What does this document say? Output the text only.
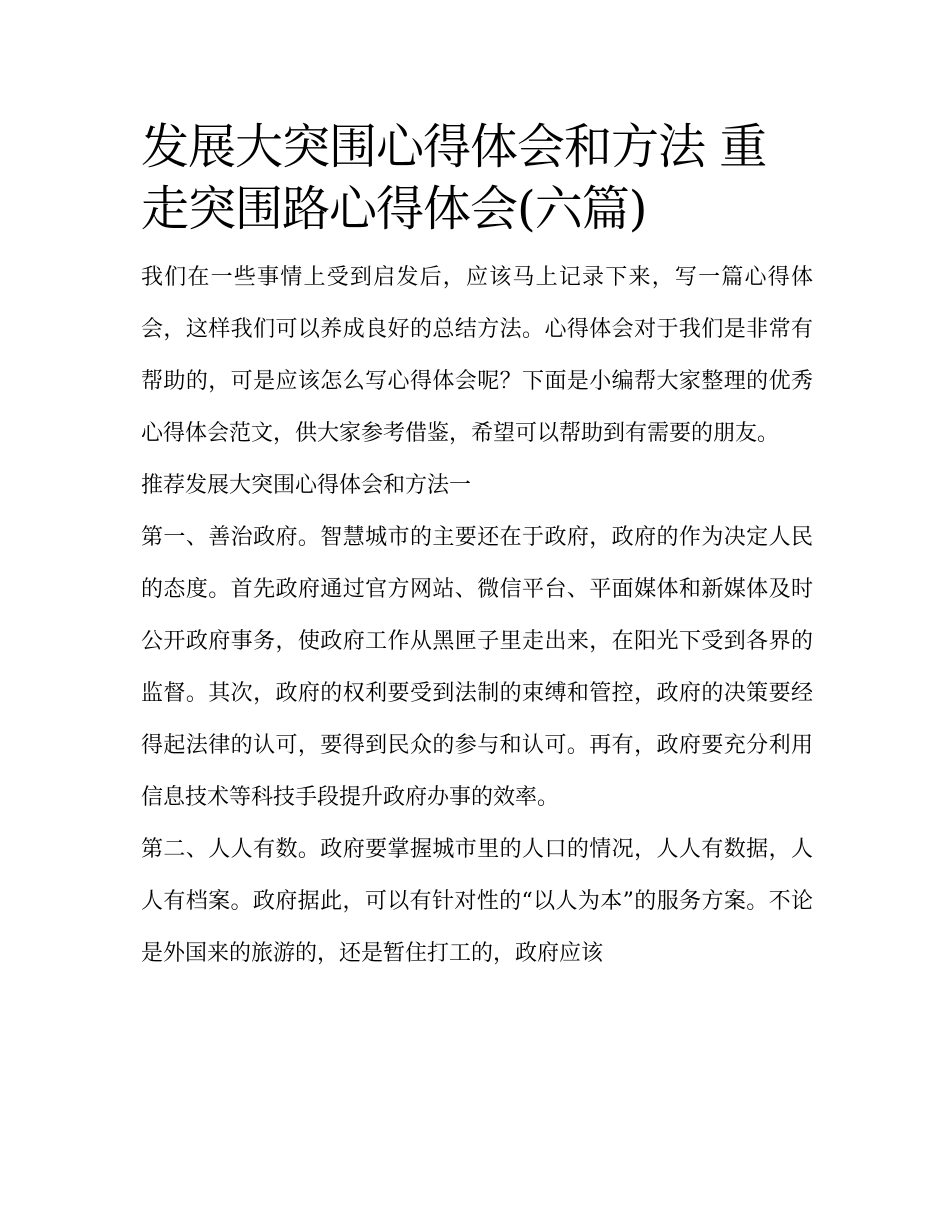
发展大突围心得体会和方法 重走突围路心得体会(六篇)

我们在一些事情上受到启发后，应该马上记录下来，写一篇心得体会，这样我们可以养成良好的总结方法。心得体会对于我们是非常有帮助的，可是应该怎么写心得体会呢？下面是小编帮大家整理的优秀心得体会范文，供大家参考借鉴，希望可以帮助到有需要的朋友。

推荐发展大突围心得体会和方法一

第一、善治政府。智慧城市的主要还在于政府，政府的作为决定人民的态度。首先政府通过官方网站、微信平台、平面媒体和新媒体及时公开政府事务，使政府工作从黑匣子里走出来，在阳光下受到各界的监督。其次，政府的权利要受到法制的束缚和管控，政府的决策要经得起法律的认可，要得到民众的参与和认可。再有，政府要充分利用信息技术等科技手段提升政府办事的效率。

第二、人人有数。政府要掌握城市里的人口的情况，人人有数据，人人有档案。政府据此，可以有针对性的“以人为本”的服务方案。不论是外国来的旅游的，还是暂住打工的，政府应该
